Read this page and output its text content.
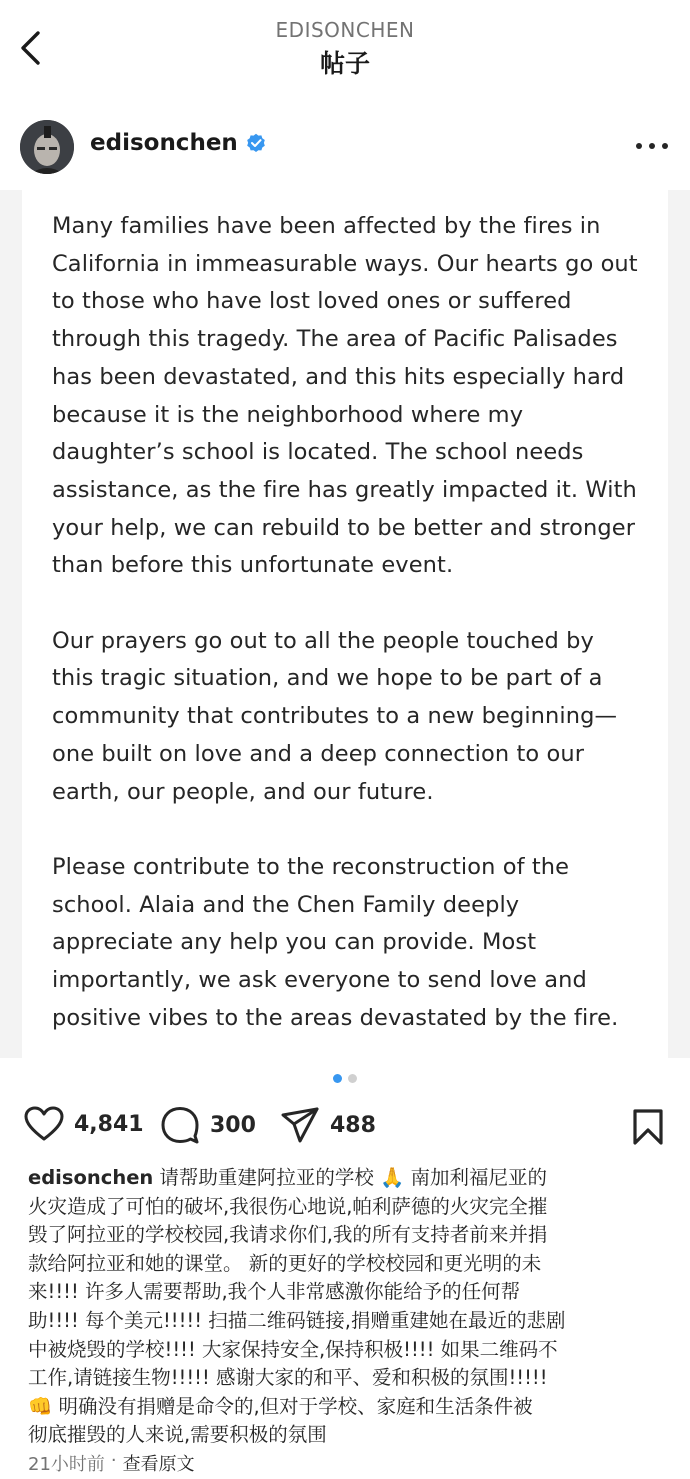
EDISONCHEN
帖子
edisonchen

Many families have been affected by the fires in California in immeasurable ways. Our hearts go out to those who have lost loved ones or suffered through this tragedy. The area of Pacific Palisades has been devastated, and this hits especially hard because it is the neighborhood where my daughter’s school is located. The school needs assistance, as the fire has greatly impacted it. With your help, we can rebuild to be better and stronger than before this unfortunate event.

Our prayers go out to all the people touched by this tragic situation, and we hope to be part of a community that contributes to a new beginning—one built on love and a deep connection to our earth, our people, and our future.

Please contribute to the reconstruction of the school. Alaia and the Chen Family deeply appreciate any help you can provide. Most importantly, we ask everyone to send love and positive vibes to the areas devastated by the fire.

4,841	300	488
edisonchen 请帮助重建阿拉亚的学校 🙏 南加利福尼亚的
火灾造成了可怕的破坏,我很伤心地说,帕利萨德的火灾完全摧
毁了阿拉亚的学校校园,我请求你们,我的所有支持者前来并捐
款给阿拉亚和她的课堂。 新的更好的学校校园和更光明的未
来!!!! 许多人需要帮助,我个人非常感激你能给予的任何帮
助!!!! 每个美元!!!!! 扫描二维码链接,捐赠重建她在最近的悲剧
中被烧毁的学校!!!! 大家保持安全,保持积极!!!! 如果二维码不
工作,请链接生物!!!!! 感谢大家的和平、爱和积极的氛围!!!!!
👊 明确没有捐赠是命令的,但对于学校、家庭和生活条件被
彻底摧毁的人来说,需要积极的氛围
21小时前 · 查看原文
